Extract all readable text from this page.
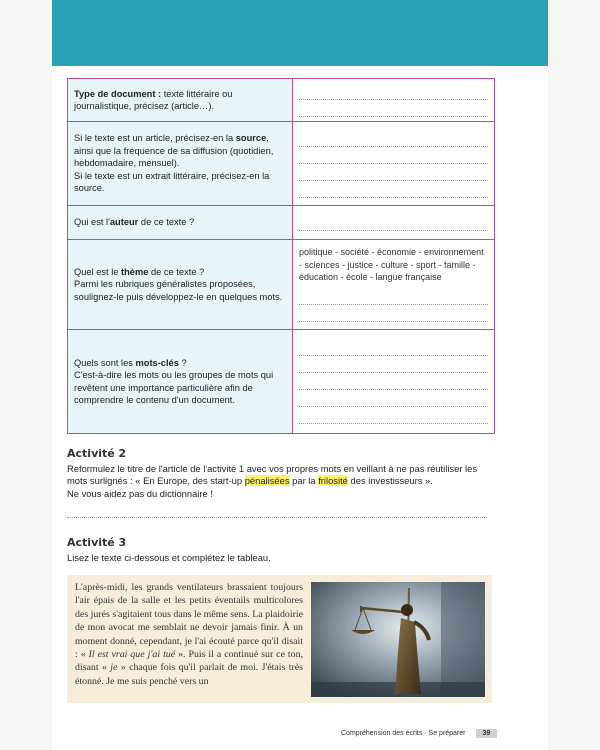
Type de document : texte littéraire ou journalistique, précisez (article…).	

Si le texte est un article, précisez-en la source, ainsi que la fréquence de sa diffusion (quotidien, hebdomadaire, mensuel).
Si le texte est un extrait littéraire, précisez-en la source.	

Qui est l'auteur de ce texte ?	

Quel est le thème de ce texte ?
Parmi les rubriques généralistes proposées, soulignez-le puis développez-le en quelques mots.	politique - société - économie - environnement - sciences - justice - culture - sport - famille - éducation - école - langue française

Quels sont les mots-clés ?
C'est-à-dire les mots ou les groupes de mots qui revêtent une importance particulière afin de comprendre le contenu d'un document.	
Activité 2
Reformulez le titre de l'article de l'activité 1 avec vos propres mots en veillant à ne pas réutiliser les
mots surlignés : « En Europe, des start-up pénalisées par la frilosité des investisseurs ».
Ne vous aidez pas du dictionnaire !
Activité 3
Lisez le texte ci-dessous et complétez le tableau.
L'après-midi, les grands ventilateurs brassaient toujours l'air épais de la salle et les petits éventails multicolores des jurés s'agitaient tous dans le même sens. La plaidoirie de mon avocat me semblait ne devoir jamais finir. À un moment donné, cependant, je l'ai écouté parce qu'il disait : « Il est vrai que j'ai tué ». Puis il a continué sur ce ton, disant « je » chaque fois qu'il parlait de moi. J'étais très étonné. Je me suis penché vers un
Compréhension des écrits · Se préparer	39
